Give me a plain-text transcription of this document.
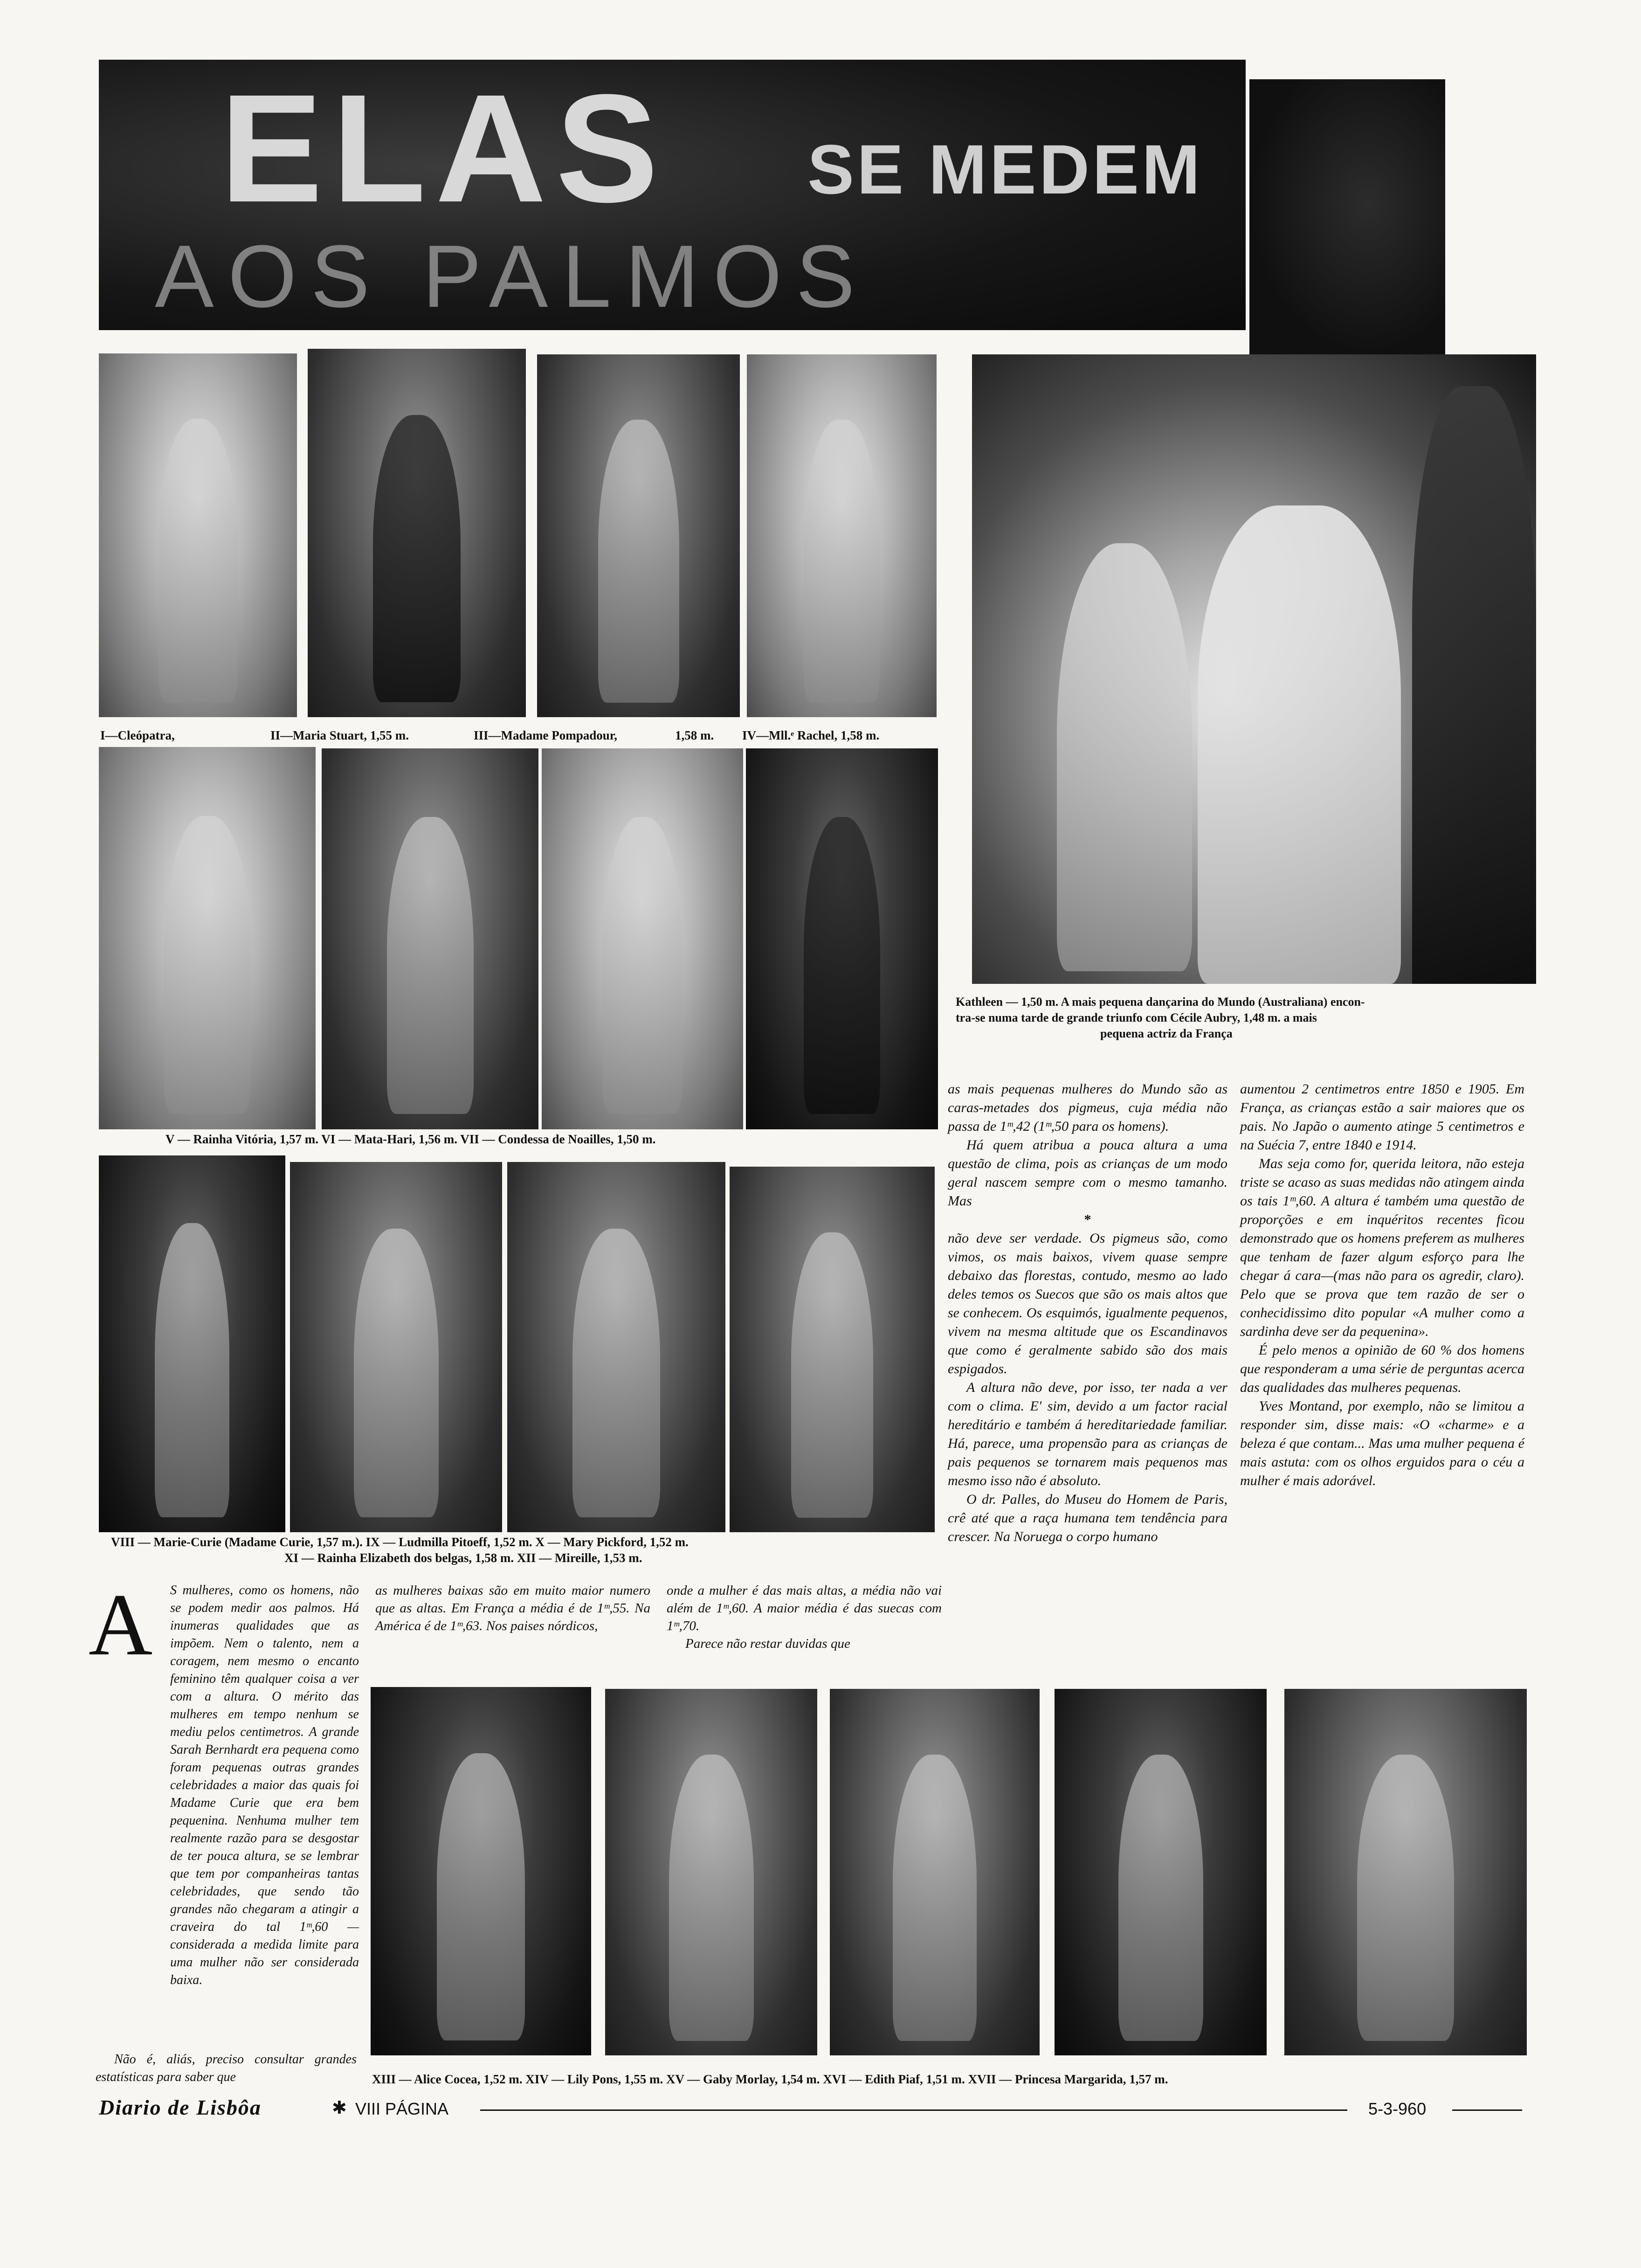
ELAS SE MEDEM
AOS PALMOS
I—Cleópatra,	II—Maria Stuart, 1,55 m.	III—Madame Pompadour,	1,58 m. IV—Mll.ᵉ Rachel, 1,58 m.
Kathleen — 1,50 m. A mais pequena dançarina do Mundo (Australiana) encon-
tra-se numa tarde de grande triunfo com Cécile Aubry, 1,48 m. a mais
pequena actriz da França
V — Rainha Vitória, 1,57 m. VI — Mata-Hari, 1,56 m. VII — Condessa de Noailles, 1,50 m.
VIII — Marie-Curie (Madame Curie, 1,57 m.). IX — Ludmilla Pitoeff, 1,52 m. X — Mary Pickford, 1,52 m.
XI — Rainha Elizabeth dos belgas, 1,58 m. XII — Mireille, 1,53 m.

as mais pequenas mulheres do Mundo são as caras-metades dos pigmeus, cuja média não passa de 1ᵐ,42 (1ᵐ,50 para os homens).

Há quem atribua a pouca altura a uma questão de clima, pois as crianças de um modo geral nascem sempre com o mesmo tamanho. Mas

*

não deve ser verdade. Os pigmeus são, como vimos, os mais baixos, vivem quase sempre debaixo das florestas, contudo, mesmo ao lado deles temos os Suecos que são os mais altos que se conhecem. Os esquimós, igualmente pequenos, vivem na mesma altitude que os Escandinavos que como é geralmente sabido são dos mais espigados.

A altura não deve, por isso, ter nada a ver com o clima. E' sim, devido a um factor racial hereditário e também á hereditariedade familiar. Há, parece, uma propensão para as crianças de pais pequenos se tornarem mais pequenos mas mesmo isso não é absoluto.

O dr. Palles, do Museu do Homem de Paris, crê até que a raça humana tem tendência para crescer. Na Noruega o corpo humano

aumentou 2 centimetros entre 1850 e 1905. Em França, as crianças estão a sair maiores que os pais. No Japão o aumento atinge 5 centimetros e na Suécia 7, entre 1840 e 1914.

Mas seja como for, querida leitora, não esteja triste se acaso as suas medidas não atingem ainda os tais 1ᵐ,60. A altura é também uma questão de proporções e em inquéritos recentes ficou demonstrado que os homens preferem as mulheres que tenham de fazer algum esforço para lhe chegar á cara—(mas não para os agredir, claro). Pelo que se prova que tem razão de ser o conhecidissimo dito popular «A mulher como a sardinha deve ser da pequenina».

É pelo menos a opinião de 60 % dos homens que responderam a uma série de perguntas acerca das qualidades das mulheres pequenas.

Yves Montand, por exemplo, não se limitou a responder sim, disse mais: «O «charme» e a beleza é que contam... Mas uma mulher pequena é mais astuta: com os olhos erguidos para o céu a mulher é mais adorável.

A S mulheres, como os homens, não se podem medir aos palmos. Há inumeras qualidades que as impõem. Nem o talento, nem a coragem, nem mesmo o encanto feminino têm qualquer coisa a ver com a altura. O mérito das mulheres em tempo nenhum se mediu pelos centimetros. A grande Sarah Bernhardt era pequena como foram pequenas outras grandes celebridades a maior das quais foi Madame Curie que era bem pequenina. Nenhuma mulher tem realmente razão para se desgostar de ter pouca altura, se se lembrar que tem por companheiras tantas celebridades, que sendo tão grandes não chegaram a atingir a craveira do tal 1ᵐ,60 — considerada a medida limite para uma mulher não ser considerada baixa.

Não é, aliás, preciso consultar grandes estatísticas para saber que

as mulheres baixas são em muito maior numero que as altas. Em França a média é de 1ᵐ,55. Na América é de 1ᵐ,63. Nos paises nórdicos,

onde a mulher é das mais altas, a média não vai além de 1ᵐ,60. A maior média é das suecas com 1ᵐ,70.

Parece não restar duvidas que

XIII — Alice Cocea, 1,52 m. XIV — Lily Pons, 1,55 m. XV — Gaby Morlay, 1,54 m. XVI — Edith Piaf, 1,51 m. XVII — Princesa Margarida, 1,57 m.
Diario de Lisbôa	✱ VIII PÁGINA	5-3-960
